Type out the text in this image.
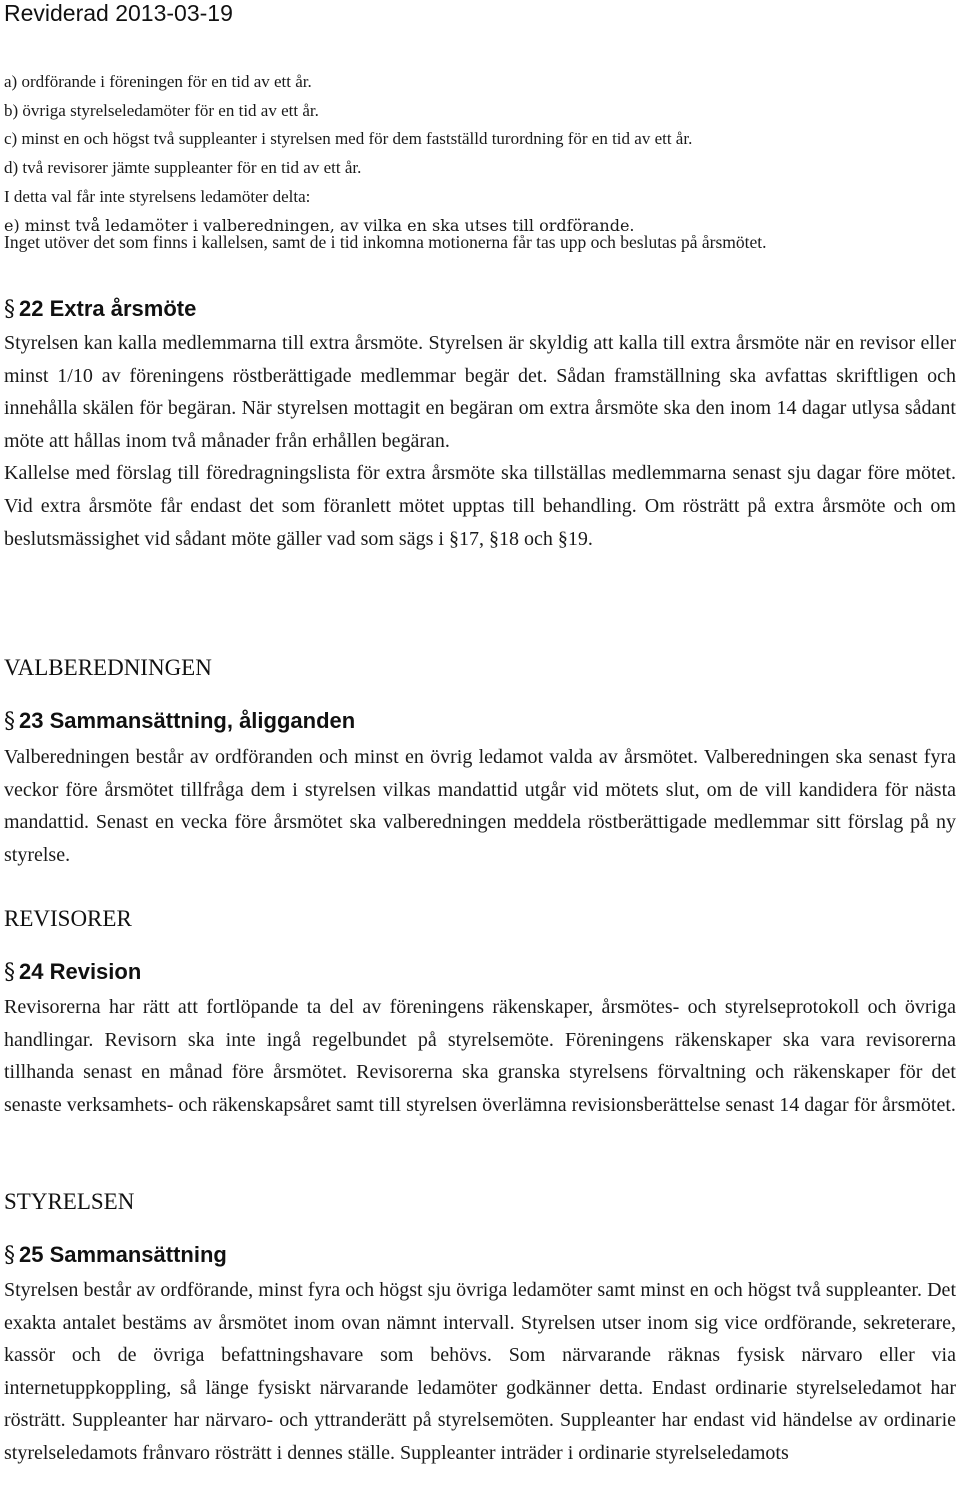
Reviderad 2013-03-19
a) ordförande i föreningen för en tid av ett år.
b) övriga styrelseledamöter för en tid av ett år.
c) minst en och högst två suppleanter i styrelsen med för dem fastställd turordning för en tid av ett år.
d) två revisorer jämte suppleanter för en tid av ett år.
I detta val får inte styrelsens ledamöter delta:
e) minst två ledamöter i valberedningen, av vilka en ska utses till ordförande.
Inget utöver det som finns i kallelsen, samt de i tid inkomna motionerna får tas upp och beslutas på årsmötet.
§ 22 Extra årsmöte

Styrelsen kan kalla medlemmarna till extra årsmöte. Styrelsen är skyldig att kalla till extra årsmöte när en revisor eller minst 1/10 av föreningens röstberättigade medlemmar begär det. Sådan framställning ska avfattas skriftligen och innehålla skälen för begäran. När styrelsen mottagit en begäran om extra årsmöte ska den inom 14 dagar utlysa sådant möte att hållas inom två månader från erhållen begäran.

Kallelse med förslag till föredragningslista för extra årsmöte ska tillställas medlemmarna senast sju dagar före mötet. Vid extra årsmöte får endast det som föranlett mötet upptas till behandling. Om rösträtt på extra årsmöte och om beslutsmässighet vid sådant möte gäller vad som sägs i §17, §18 och §19.

VALBEREDNINGEN
§ 23 Sammansättning, åligganden

Valberedningen består av ordföranden och minst en övrig ledamot valda av årsmötet. Valberedningen ska senast fyra veckor före årsmötet tillfråga dem i styrelsen vilkas mandattid utgår vid mötets slut, om de vill kandidera för nästa mandattid. Senast en vecka före årsmötet ska valberedningen meddela röstberättigade medlemmar sitt förslag på ny styrelse.

REVISORER
§ 24 Revision

Revisorerna har rätt att fortlöpande ta del av föreningens räkenskaper, årsmötes- och styrelseprotokoll och övriga handlingar. Revisorn ska inte ingå regelbundet på styrelsemöte. Föreningens räkenskaper ska vara revisorerna tillhanda senast en månad före årsmötet. Revisorerna ska granska styrelsens förvaltning och räkenskaper för det senaste verksamhets- och räkenskapsåret samt till styrelsen överlämna revisionsberättelse senast 14 dagar för årsmötet.

STYRELSEN
§ 25 Sammansättning

Styrelsen består av ordförande, minst fyra och högst sju övriga ledamöter samt minst en och högst två suppleanter. Det exakta antalet bestäms av årsmötet inom ovan nämnt intervall. Styrelsen utser inom sig vice ordförande, sekreterare, kassör och de övriga befattningshavare som behövs. Som närvarande räknas fysisk närvaro eller via internetuppkoppling, så länge fysiskt närvarande ledamöter godkänner detta. Endast ordinarie styrelseledamot har rösträtt. Suppleanter har närvaro- och yttranderätt på styrelsemöten. Suppleanter har endast vid händelse av ordinarie styrelseledamots frånvaro rösträtt i dennes ställe. Suppleanter inträder i ordinarie styrelseledamots
